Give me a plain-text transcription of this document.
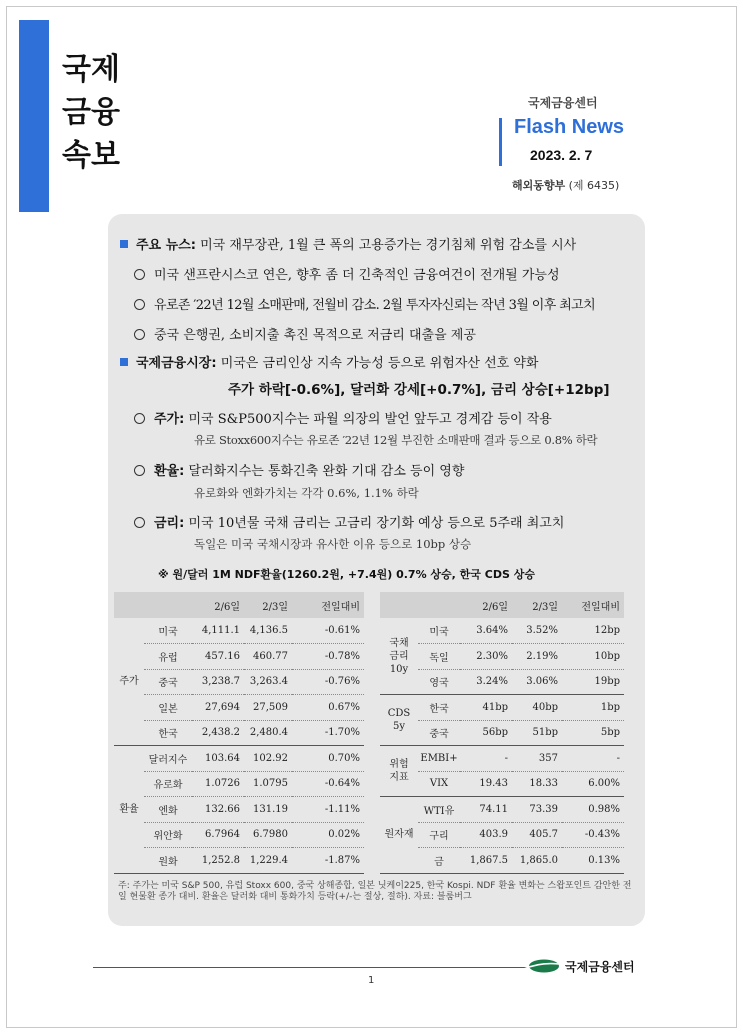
국제
금융
속보
국제금융센터
Flash News
2023. 2. 7
해외동향부 (제 6435)
주요 뉴스: 미국 재무장관, 1월 큰 폭의 고용증가는 경기침체 위험 감소를 시사
미국 샌프란시스코 연은, 향후 좀 더 긴축적인 금융여건이 전개될 가능성
유로존 ′22년 12월 소매판매, 전월비 감소. 2월 투자자신뢰는 작년 3월 이후 최고치
중국 은행권, 소비지출 촉진 목적으로 저금리 대출을 제공
국제금융시장: 미국은 금리인상 지속 가능성 등으로 위험자산 선호 약화
주가 하락[-0.6%], 달러화 강세[+0.7%], 금리 상승[+12bp]
주가: 미국 S&P500지수는 파월 의장의 발언 앞두고 경계감 등이 작용
유로 Stoxx600지수는 유로존 ′22년 12월 부진한 소매판매 결과 등으로 0.8% 하락
환율: 달러화지수는 통화긴축 완화 기대 감소 등이 영향
유로화와 엔화가치는 각각 0.6%, 1.1% 하락
금리: 미국 10년물 국채 금리는 고금리 장기화 예상 등으로 5주래 최고치
독일은 미국 국채시장과 유사한 이유 등으로 10bp 상승
※ 원/달러 1M NDF환율(1260.2원, +7.4원) 0.7% 상승, 한국 CDS 상승
		2/6일	2/3일	전일대비
주가	미국	4,111.1	4,136.5	-0.61%
	유럽	457.16	460.77	-0.78%
	중국	3,238.7	3,263.4	-0.76%
	일본	27,694	27,509	0.67%
	한국	2,438.2	2,480.4	-1.70%
환율	달러지수	103.64	102.92	0.70%
	유로화	1.0726	1.0795	-0.64%
	엔화	132.66	131.19	-1.11%
	위안화	6.7964	6.7980	0.02%
	원화	1,252.8	1,229.4	-1.87%
		2/6일	2/3일	전일대비
국채
금리
10y	미국	3.64%	3.52%	12bp
	독일	2.30%	2.19%	10bp
	영국	3.24%	3.06%	19bp
CDS
5y	한국	41bp	40bp	1bp
	중국	56bp	51bp	5bp
위험
지표	EMBI+	-	357	-
	VIX	19.43	18.33	6.00%
원자재	WTI유	74.11	73.39	0.98%
	구리	403.9	405.7	-0.43%
	금	1,867.5	1,865.0	0.13%
주: 주가는 미국 S&P 500, 유럽 Stoxx 600, 중국 상해종합, 일본 닛케이225, 한국 Kospi. NDF 환율 변화는 스왑포인트 감안한 전일 현물환 종가 대비. 환율은 달러화 대비 통화가치 등락(+/-는 절상, 절하). 자료: 블룸버그
1
국제금융센터
